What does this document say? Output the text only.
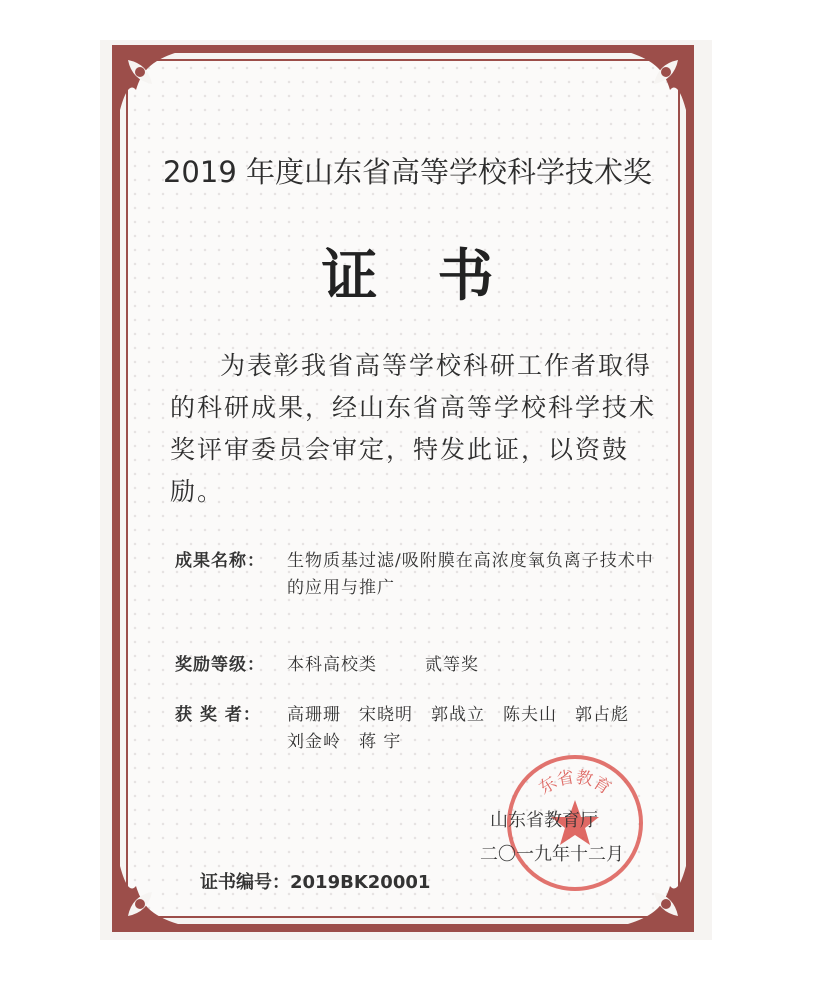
2019 年度山东省高等学校科学技术奖
证书

为表彰我省高等学校科研工作者取得的科研成果，经山东省高等学校科学技术奖评审委员会审定，特发此证，以资鼓励。

成果名称：	生物质基过滤/吸附膜在高浓度氧负离子技术中的应用与推广
奖励等级：	本科高校类	贰等奖
获 奖 者：	高珊珊 宋晓明 郭战立 陈夫山 郭占彪
刘金岭 蒋 宇
东省教育
山东省教育厅
二〇一九年十二月
证书编号：2019BK20001
